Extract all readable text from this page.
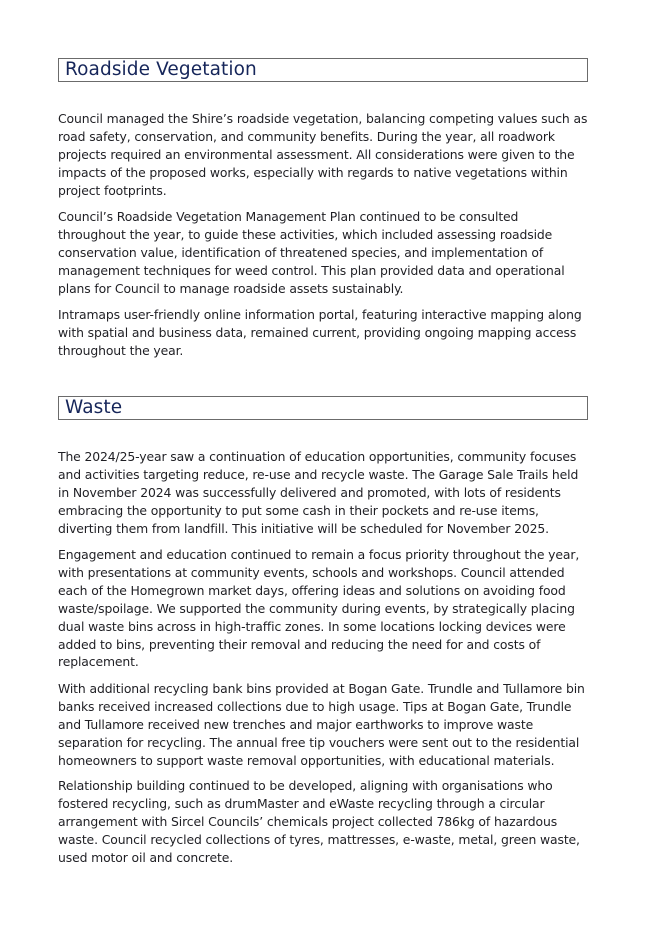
Roadside Vegetation

Council managed the Shire’s roadside vegetation, balancing competing values such as road safety, conservation, and community benefits. During the year, all roadwork projects required an environmental assessment. All considerations were given to the impacts of the proposed works, especially with regards to native vegetations within project footprints.

Council’s Roadside Vegetation Management Plan continued to be consulted throughout the year, to guide these activities, which included assessing roadside conservation value, identification of threatened species, and implementation of management techniques for weed control. This plan provided data and operational plans for Council to manage roadside assets sustainably.

Intramaps user-friendly online information portal, featuring interactive mapping along with spatial and business data, remained current, providing ongoing mapping access throughout the year.

Waste

The 2024/25-year saw a continuation of education opportunities, community focuses and activities targeting reduce, re-use and recycle waste. The Garage Sale Trails held in November 2024 was successfully delivered and promoted, with lots of residents embracing the opportunity to put some cash in their pockets and re-use items, diverting them from landfill. This initiative will be scheduled for November 2025.

Engagement and education continued to remain a focus priority throughout the year, with presentations at community events, schools and workshops. Council attended each of the Homegrown market days, offering ideas and solutions on avoiding food waste/spoilage. We supported the community during events, by strategically placing dual waste bins across in high-traffic zones. In some locations locking devices were added to bins, preventing their removal and reducing the need for and costs of replacement.

With additional recycling bank bins provided at Bogan Gate. Trundle and Tullamore bin banks received increased collections due to high usage. Tips at Bogan Gate, Trundle and Tullamore received new trenches and major earthworks to improve waste separation for recycling. The annual free tip vouchers were sent out to the residential homeowners to support waste removal opportunities, with educational materials.

Relationship building continued to be developed, aligning with organisations who fostered recycling, such as drumMaster and eWaste recycling through a circular arrangement with Sircel Councils’ chemicals project collected 786kg of hazardous waste. Council recycled collections of tyres, mattresses, e-waste, metal, green waste, used motor oil and concrete.
